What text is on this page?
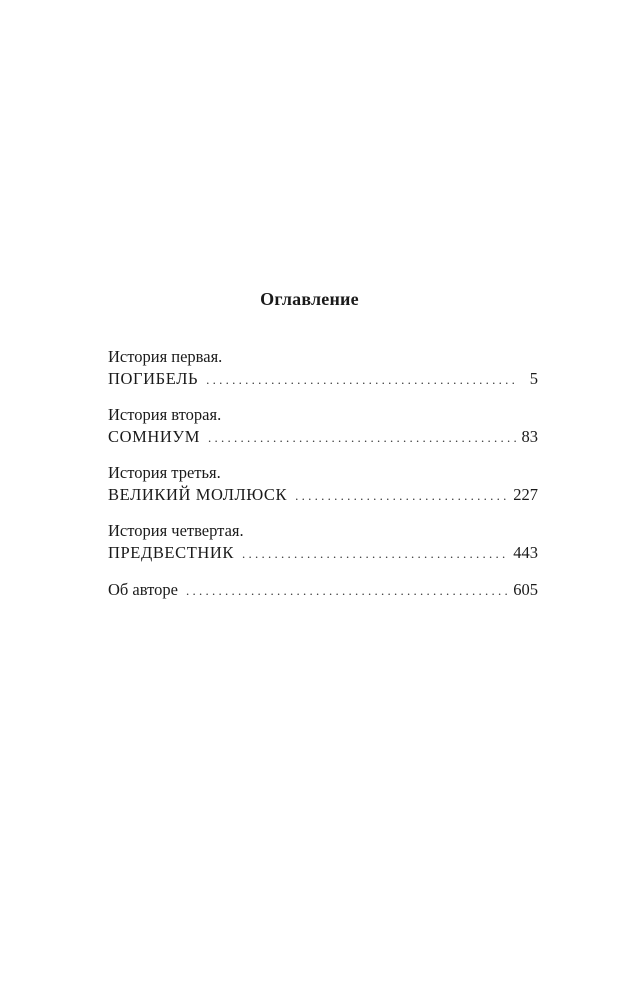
Оглавление
История первая.
ПОГИБЕЛЬ . . .	5
История вторая.
СОМНИУМ . . .	83
История третья.
ВЕЛИКИЙ МОЛЛЮСК . . .	227
История четвертая.
ПРЕДВЕСТНИК . . .	443
Об авторе . . .	605
